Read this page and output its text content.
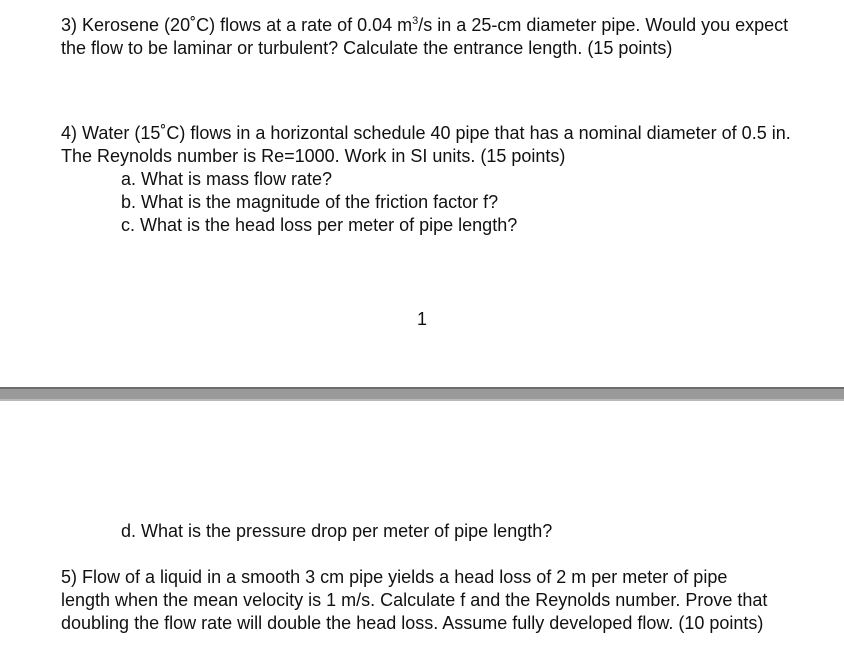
3) Kerosene (20˚C) flows at a rate of 0.04 $m^3/s$ in a 25-cm diameter pipe. Would you expect the flow to be laminar or turbulent? Calculate the entrance length. (15 points)

4) Water (15˚C) flows in a horizontal schedule 40 pipe that has a nominal diameter of 0.5 in. The Reynolds number is Re=1000. Work in SI units. (15 points)

a. What is mass flow rate?
b. What is the magnitude of the friction factor f?
c. What is the head loss per meter of pipe length?
1
d. What is the pressure drop per meter of pipe length?

5) Flow of a liquid in a smooth 3 cm pipe yields a head loss of 2 m per meter of pipe length when the mean velocity is 1 m/s. Calculate f and the Reynolds number. Prove that doubling the flow rate will double the head loss. Assume fully developed flow. (10 points)
